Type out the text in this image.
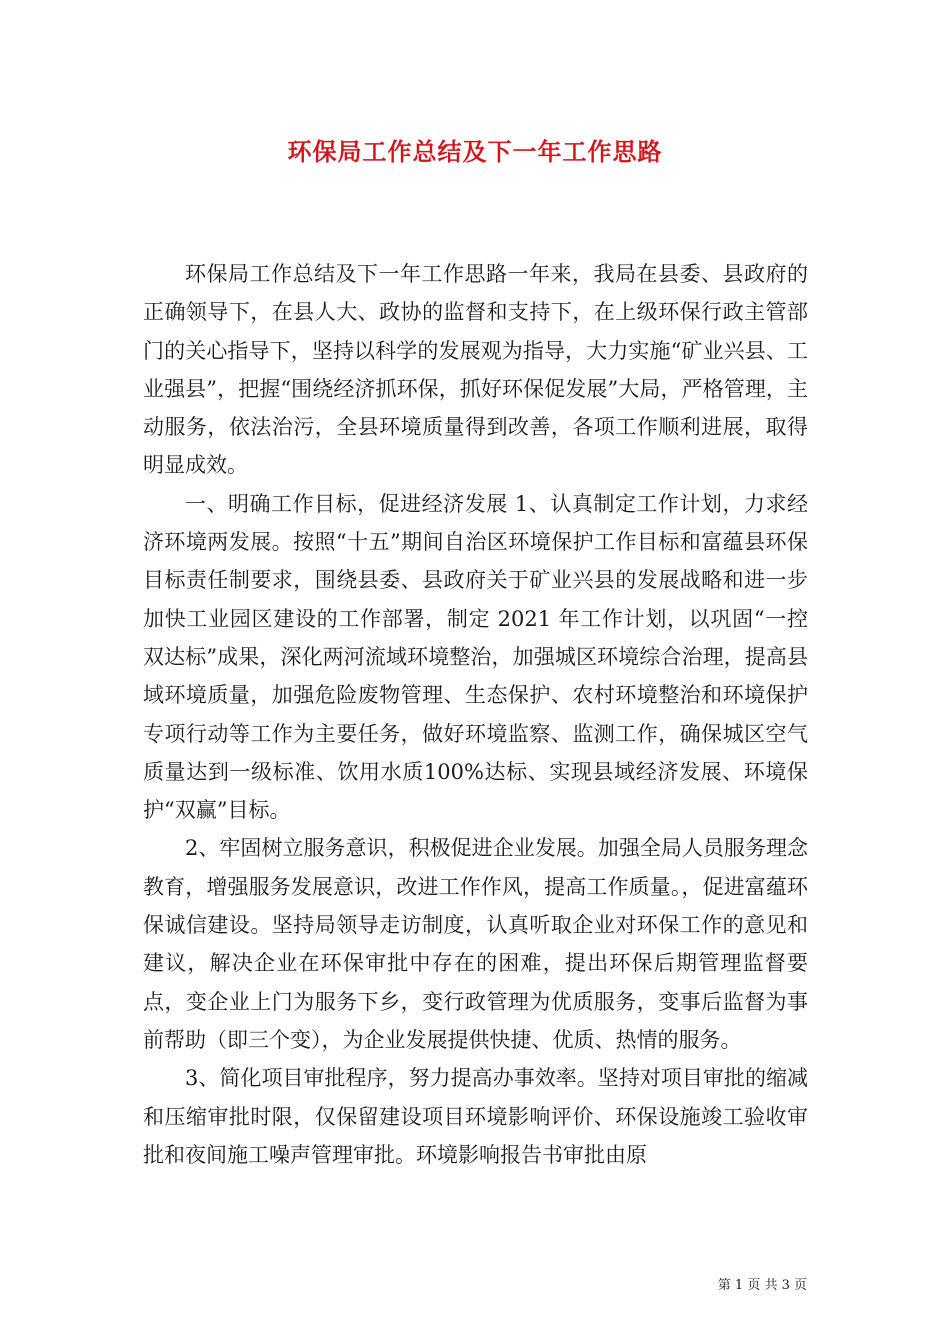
环保局工作总结及下一年工作思路

环保局工作总结及下一年工作思路一年来，我局在县委、县政府的正确领导下，在县人大、政协的监督和支持下，在上级环保行政主管部门的关心指导下，坚持以科学的发展观为指导，大力实施“矿业兴县、工业强县”，把握“围绕经济抓环保，抓好环保促发展”大局，严格管理，主动服务，依法治污，全县环境质量得到改善，各项工作顺利进展，取得明显成效。

一、明确工作目标，促进经济发展 1、认真制定工作计划，力求经济环境两发展。按照“十五”期间自治区环境保护工作目标和富蕴县环保目标责任制要求，围绕县委、县政府关于矿业兴县的发展战略和进一步加快工业园区建设的工作部署，制定 2021 年工作计划，以巩固“一控双达标”成果，深化两河流域环境整治，加强城区环境综合治理，提高县域环境质量，加强危险废物管理、生态保护、农村环境整治和环境保护专项行动等工作为主要任务，做好环境监察、监测工作，确保城区空气质量达到一级标准、饮用水质100%达标、实现县域经济发展、环境保护“双赢”目标。

2、牢固树立服务意识，积极促进企业发展。加强全局人员服务理念教育，增强服务发展意识，改进工作作风，提高工作质量。，促进富蕴环保诚信建设。坚持局领导走访制度，认真听取企业对环保工作的意见和建议，解决企业在环保审批中存在的困难，提出环保后期管理监督要点，变企业上门为服务下乡，变行政管理为优质服务，变事后监督为事前帮助（即三个变），为企业发展提供快捷、优质、热情的服务。

3、简化项目审批程序，努力提高办事效率。坚持对项目审批的缩减和压缩审批时限，仅保留建设项目环境影响评价、环保设施竣工验收审批和夜间施工噪声管理审批。环境影响报告书审批由原

第 1 页 共 3 页
